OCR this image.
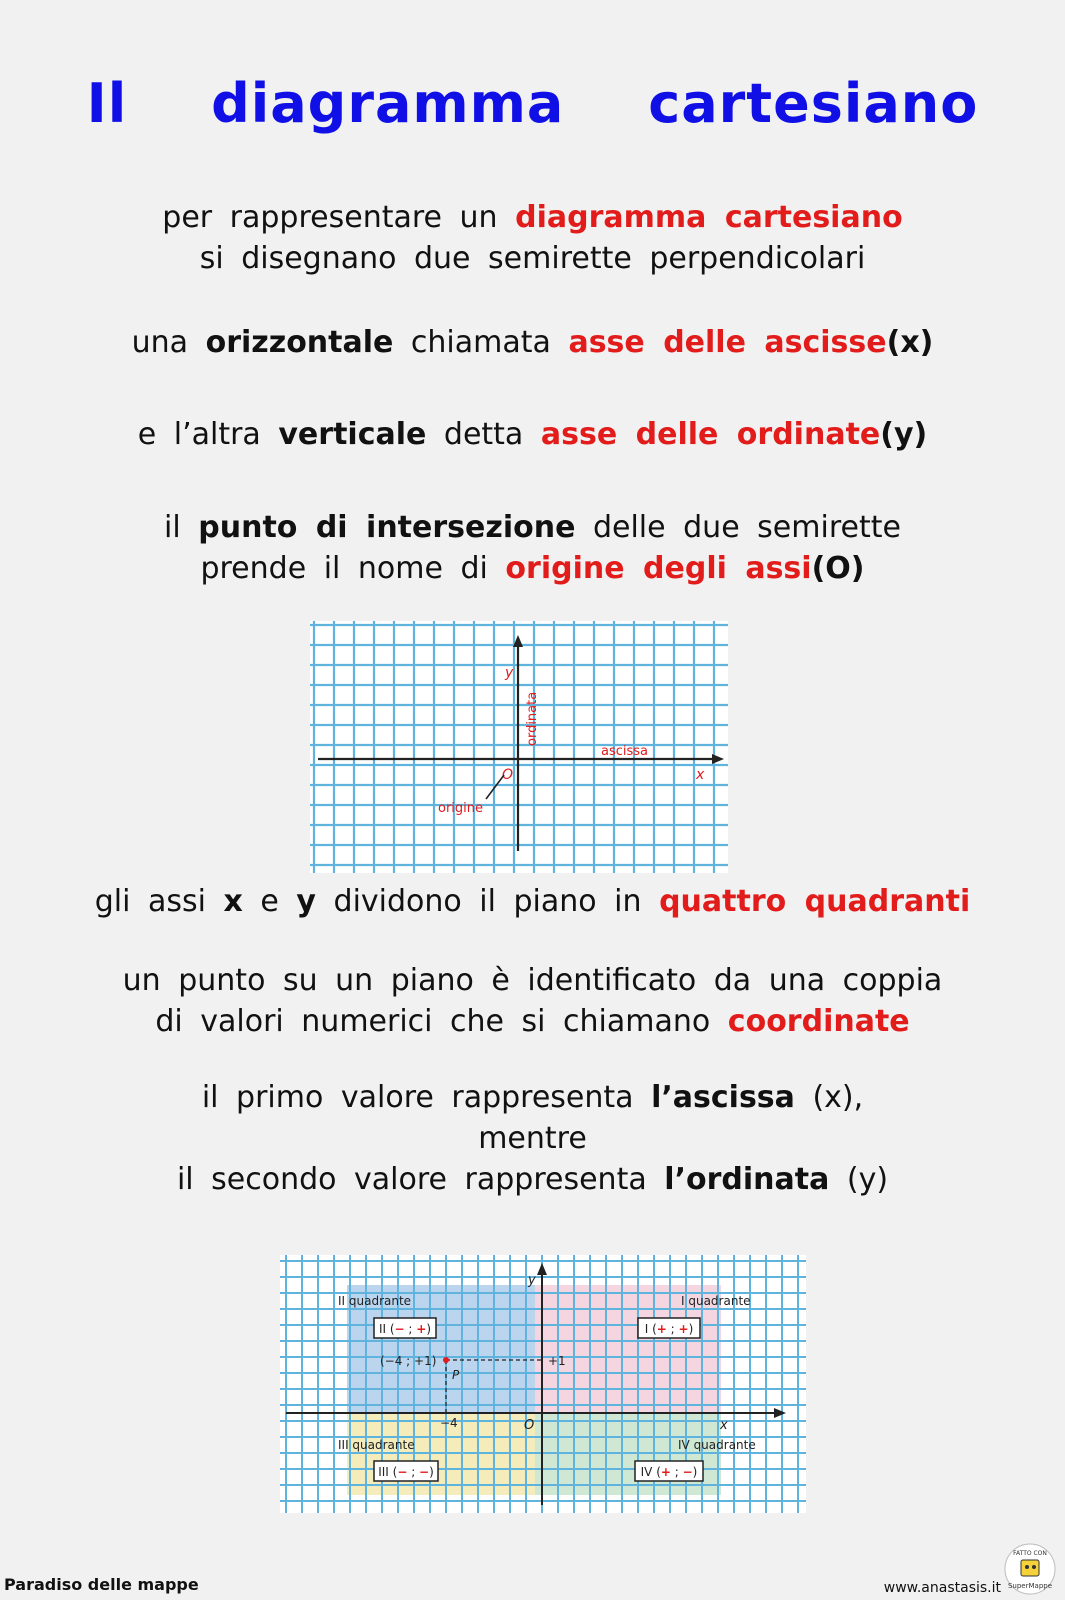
Il diagramma cartesiano
per rappresentare un diagramma cartesiano
si disegnano due semirette perpendicolari
una orizzontale chiamata asse delle ascisse(x)
e l’altra verticale detta asse delle ordinate(y)
il punto di intersezione delle due semirette
prende il nome di origine degli assi(O)
y
x
O
ordinata
ascissa
origine
gli assi x e y dividono il piano in quattro quadranti
un punto su un piano è identificato da una coppia
di valori numerici che si chiamano coordinate
il primo valore rappresenta l’ascissa (x),
mentre
il secondo valore rappresenta l’ordinata (y)
y
x
O
II quadrante	I quadrante
III quadrante	IV quadrante
II (− ; +)	I (+ ; +)
III (− ; −)	IV (+ ; −)
(−4 ; +1)
P
−4
+1
Paradiso delle mappe	www.anastasis.it
FATTO CON
SuperMappe
